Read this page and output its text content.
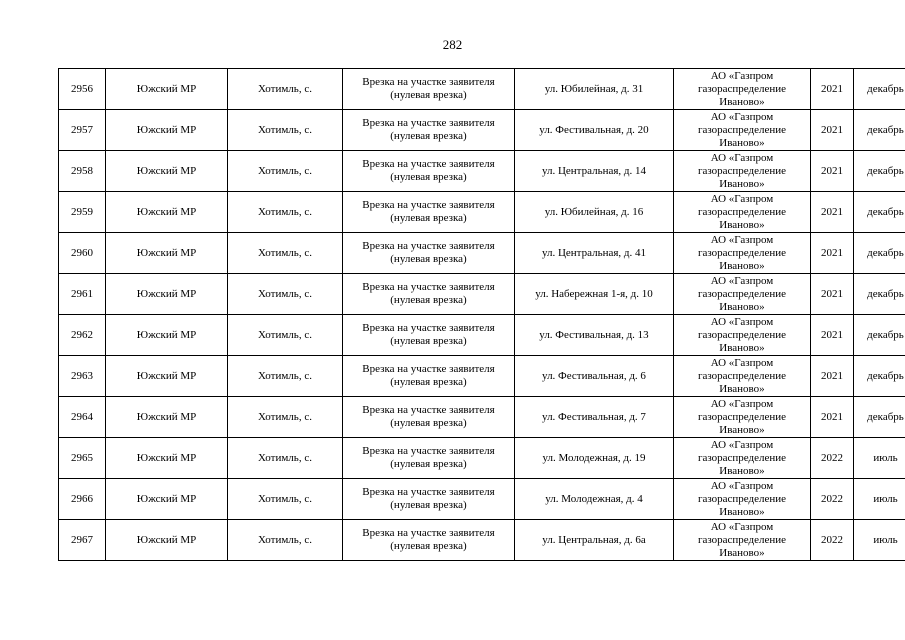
282
2956	Южский МР	Хотимль, с.	Врезка на участке заявителя
(нулевая врезка)	ул. Юбилейная, д. 31	АО «Газпром
газораспределение
Иваново»	2021	декабрь
2957	Южский МР	Хотимль, с.	Врезка на участке заявителя
(нулевая врезка)	ул. Фестивальная, д. 20	АО «Газпром
газораспределение
Иваново»	2021	декабрь
2958	Южский МР	Хотимль, с.	Врезка на участке заявителя
(нулевая врезка)	ул. Центральная, д. 14	АО «Газпром
газораспределение
Иваново»	2021	декабрь
2959	Южский МР	Хотимль, с.	Врезка на участке заявителя
(нулевая врезка)	ул. Юбилейная, д. 16	АО «Газпром
газораспределение
Иваново»	2021	декабрь
2960	Южский МР	Хотимль, с.	Врезка на участке заявителя
(нулевая врезка)	ул. Центральная, д. 41	АО «Газпром
газораспределение
Иваново»	2021	декабрь
2961	Южский МР	Хотимль, с.	Врезка на участке заявителя
(нулевая врезка)	ул. Набережная 1-я, д. 10	АО «Газпром
газораспределение
Иваново»	2021	декабрь
2962	Южский МР	Хотимль, с.	Врезка на участке заявителя
(нулевая врезка)	ул. Фестивальная, д. 13	АО «Газпром
газораспределение
Иваново»	2021	декабрь
2963	Южский МР	Хотимль, с.	Врезка на участке заявителя
(нулевая врезка)	ул. Фестивальная, д. 6	АО «Газпром
газораспределение
Иваново»	2021	декабрь
2964	Южский МР	Хотимль, с.	Врезка на участке заявителя
(нулевая врезка)	ул. Фестивальная, д. 7	АО «Газпром
газораспределение
Иваново»	2021	декабрь
2965	Южский МР	Хотимль, с.	Врезка на участке заявителя
(нулевая врезка)	ул. Молодежная, д. 19	АО «Газпром
газораспределение
Иваново»	2022	июль
2966	Южский МР	Хотимль, с.	Врезка на участке заявителя
(нулевая врезка)	ул. Молодежная, д. 4	АО «Газпром
газораспределение
Иваново»	2022	июль
2967	Южский МР	Хотимль, с.	Врезка на участке заявителя
(нулевая врезка)	ул. Центральная, д. 6а	АО «Газпром
газораспределение
Иваново»	2022	июль
